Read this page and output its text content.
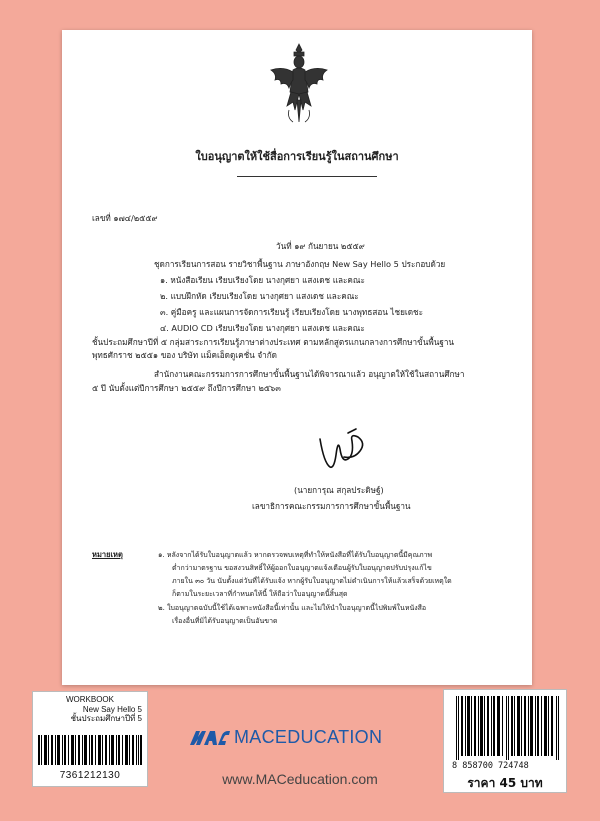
ใบอนุญาตให้ใช้สื่อการเรียนรู้ในสถานศึกษา
เลขที่ ๑๗๔/๒๕๕๙
วันที่ ๑๙ กันยายน ๒๕๕๙
ชุดการเรียนการสอน รายวิชาพื้นฐาน ภาษาอังกฤษ New Say Hello 5 ประกอบด้วย
๑. หนังสือเรียน เรียบเรียงโดย นางกุศยา แสงเดช และคณะ
๒. แบบฝึกหัด เรียบเรียงโดย นางกุศยา แสงเดช และคณะ
๓. คู่มือครู และแผนการจัดการเรียนรู้ เรียบเรียงโดย นางพุทธสอน ไชยเดชะ
๔. AUDIO CD เรียบเรียงโดย นางกุศยา แสงเดช และคณะ
ชั้นประถมศึกษาปีที่ ๕ กลุ่มสาระการเรียนรู้ภาษาต่างประเทศ ตามหลักสูตรแกนกลางการศึกษาขั้นพื้นฐาน
พุทธศักราช ๒๕๕๑ ของ บริษัท แม็คเอ็ดดูเคชั่น จำกัด
สำนักงานคณะกรรมการการศึกษาขั้นพื้นฐานได้พิจารณาแล้ว อนุญาตให้ใช้ในสถานศึกษา
๕ ปี นับตั้งแต่ปีการศึกษา ๒๕๕๙ ถึงปีการศึกษา ๒๕๖๓
(นายการุณ สกุลประดิษฐ์)
เลขาธิการคณะกรรมการการศึกษาขั้นพื้นฐาน
หมายเหตุ	๑. หลังจากได้รับใบอนุญาตแล้ว หากตรวจพบเหตุที่ทำให้หนังสือที่ได้รับใบอนุญาตนี้มีคุณภาพ
ต่ำกว่ามาตรฐาน ขอสงวนสิทธิ์ให้ผู้ออกใบอนุญาตแจ้งเตือนผู้รับใบอนุญาตปรับปรุงแก้ไข
ภายใน ๓๐ วัน นับตั้งแต่วันที่ได้รับแจ้ง หากผู้รับใบอนุญาตไม่ดำเนินการให้แล้วเสร็จด้วยเหตุใด
ก็ตามในระยะเวลาที่กำหนดให้นี้ ให้ถือว่าใบอนุญาตนี้สิ้นสุด
๒. ใบอนุญาตฉบับนี้ใช้ได้เฉพาะหนังสือนี้เท่านั้น และไม่ให้นำใบอนุญาตนี้ไปพิมพ์ในหนังสือ
เรื่องอื่นที่มิได้รับอนุญาตเป็นอันขาด
WORKBOOK
New Say Hello 5
ชั้นประถมศึกษาปีที่ 5
7361212130
MACEDUCATION
www.MACeducation.com
8 858700 724748
ราคา 45 บาท
